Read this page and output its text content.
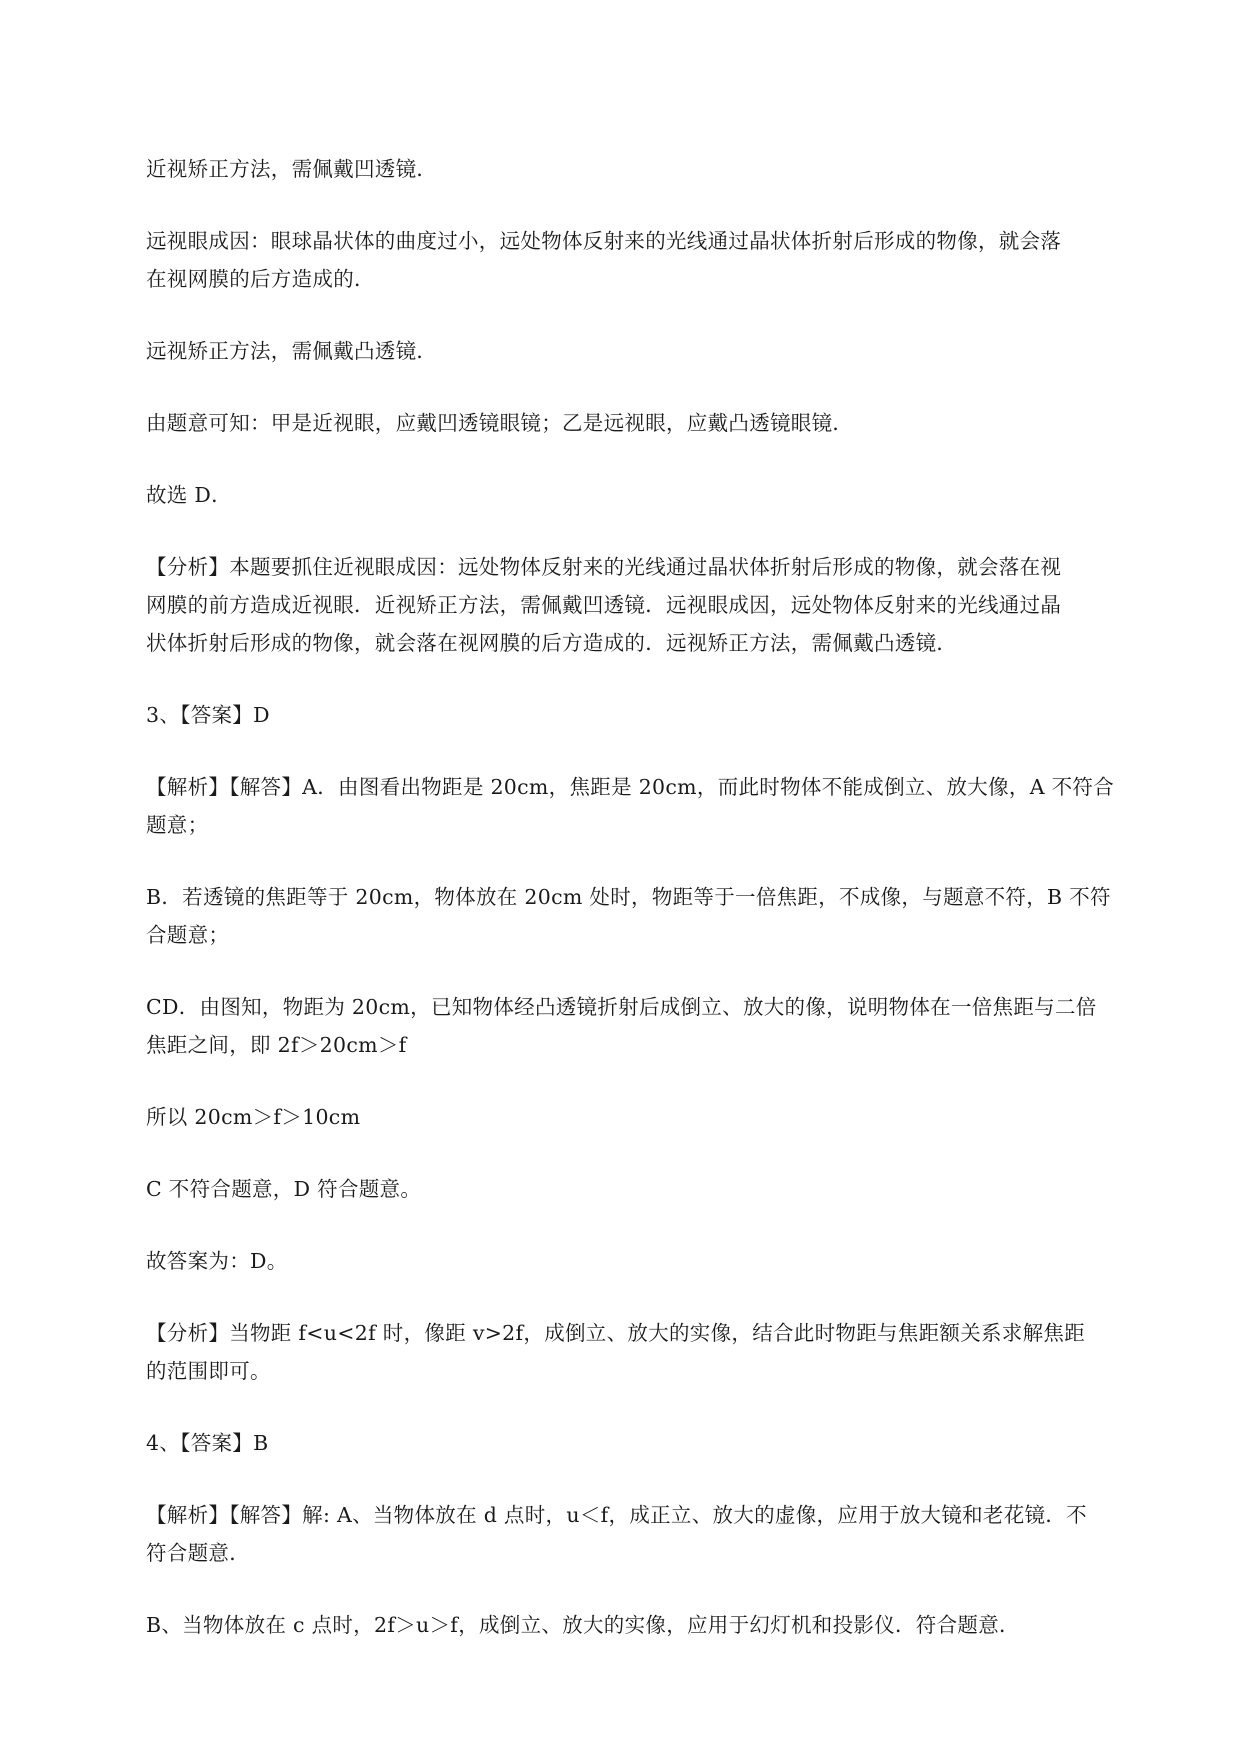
近视矫正方法，需佩戴凹透镜．

远视眼成因：眼球晶状体的曲度过小，远处物体反射来的光线通过晶状体折射后形成的物像，就会落
在视网膜的后方造成的．

远视矫正方法，需佩戴凸透镜．

由题意可知：甲是近视眼，应戴凹透镜眼镜；乙是远视眼，应戴凸透镜眼镜．

故选 D．

【分析】本题要抓住近视眼成因：远处物体反射来的光线通过晶状体折射后形成的物像，就会落在视
网膜的前方造成近视眼．近视矫正方法，需佩戴凹透镜．远视眼成因，远处物体反射来的光线通过晶
状体折射后形成的物像，就会落在视网膜的后方造成的．远视矫正方法，需佩戴凸透镜．

3、【答案】D

【解析】【解答】A．由图看出物距是 20cm，焦距是 20cm，而此时物体不能成倒立、放大像，A 不符合
题意；

B．若透镜的焦距等于 20cm，物体放在 20cm 处时，物距等于一倍焦距，不成像，与题意不符，B 不符
合题意；

CD．由图知，物距为 20cm，已知物体经凸透镜折射后成倒立、放大的像，说明物体在一倍焦距与二倍
焦距之间，即 2f＞20cm＞f

所以 20cm＞f＞10cm

C 不符合题意，D 符合题意。

故答案为：D。

【分析】当物距 f<u<2f 时，像距 v>2f，成倒立、放大的实像，结合此时物距与焦距额关系求解焦距
的范围即可。

4、【答案】B

【解析】【解答】解: A、当物体放在 d 点时，u＜f，成正立、放大的虚像，应用于放大镜和老花镜．不
符合题意．

B、当物体放在 c 点时，2f＞u＞f，成倒立、放大的实像，应用于幻灯机和投影仪．符合题意．
